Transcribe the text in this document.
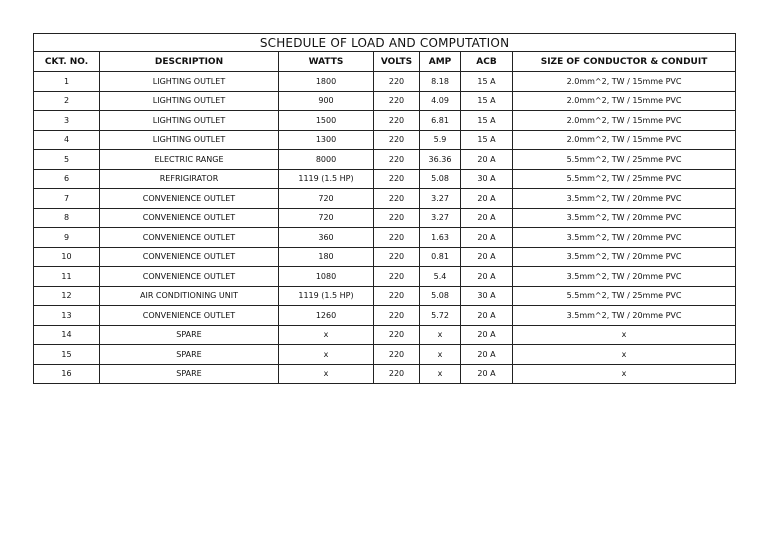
SCHEDULE OF LOAD AND COMPUTATION						
CKT. NO.	DESCRIPTION	WATTS	VOLTS	AMP	ACB	SIZE OF CONDUCTOR & CONDUIT
1	LIGHTING OUTLET	1800	220	8.18	15 A	2.0mm^2, TW / 15mme PVC
2	LIGHTING OUTLET	900	220	4.09	15 A	2.0mm^2, TW / 15mme PVC
3	LIGHTING OUTLET	1500	220	6.81	15 A	2.0mm^2, TW / 15mme PVC
4	LIGHTING OUTLET	1300	220	5.9	15 A	2.0mm^2, TW / 15mme PVC
5	ELECTRIC RANGE	8000	220	36.36	20 A	5.5mm^2, TW / 25mme PVC
6	REFRIGIRATOR	1119 (1.5 HP)	220	5.08	30 A	5.5mm^2, TW / 25mme PVC
7	CONVENIENCE OUTLET	720	220	3.27	20 A	3.5mm^2, TW / 20mme PVC
8	CONVENIENCE OUTLET	720	220	3.27	20 A	3.5mm^2, TW / 20mme PVC
9	CONVENIENCE OUTLET	360	220	1.63	20 A	3.5mm^2, TW / 20mme PVC
10	CONVENIENCE OUTLET	180	220	0.81	20 A	3.5mm^2, TW / 20mme PVC
11	CONVENIENCE OUTLET	1080	220	5.4	20 A	3.5mm^2, TW / 20mme PVC
12	AIR CONDITIONING UNIT	1119 (1.5 HP)	220	5.08	30 A	5.5mm^2, TW / 25mme PVC
13	CONVENIENCE OUTLET	1260	220	5.72	20 A	3.5mm^2, TW / 20mme PVC
14	SPARE	x	220	x	20 A	x
15	SPARE	x	220	x	20 A	x
16	SPARE	x	220	x	20 A	x
